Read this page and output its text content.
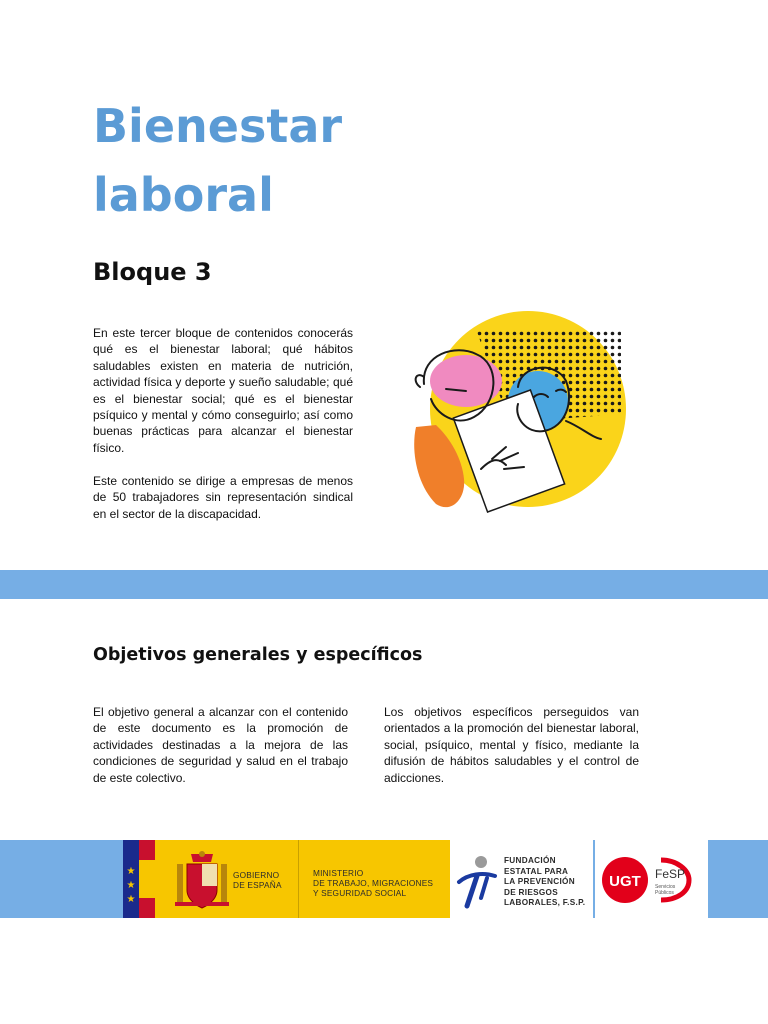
Bienestar
laboral
Bloque 3

En este tercer bloque de contenidos conocerás qué es el bienestar laboral; qué hábitos saludables existen en materia de nutrición, actividad física y deporte y sueño saludable; qué es el bienestar social; qué es el bienestar psíquico y mental y cómo conseguirlo; así como buenas prácticas para alcanzar el bienestar físico.

Este contenido se dirige a empresas de menos de 50 trabajadores sin representación sindical en el sector de la discapacidad.

Objetivos generales y específicos

El objetivo general a alcanzar con el contenido de este documento es la promoción de actividades destinadas a la mejora de las condiciones de seguridad y salud en el trabajo de este colectivo.

Los objetivos específicos perseguidos van orientados a la promoción del bienestar laboral, social, psíquico, mental y físico, mediante la difusión de hábitos saludables y el control de adicciones.

★
★
★
GOBIERNO
DE ESPAÑA
MINISTERIO
DE TRABAJO, MIGRACIONES
Y SEGURIDAD SOCIAL
FUNDACIÓN
ESTATAL PARA
LA PREVENCIÓN
DE RIESGOS
LABORALES, F.S.P.
UGT FeSP
Servicios
Públicos
